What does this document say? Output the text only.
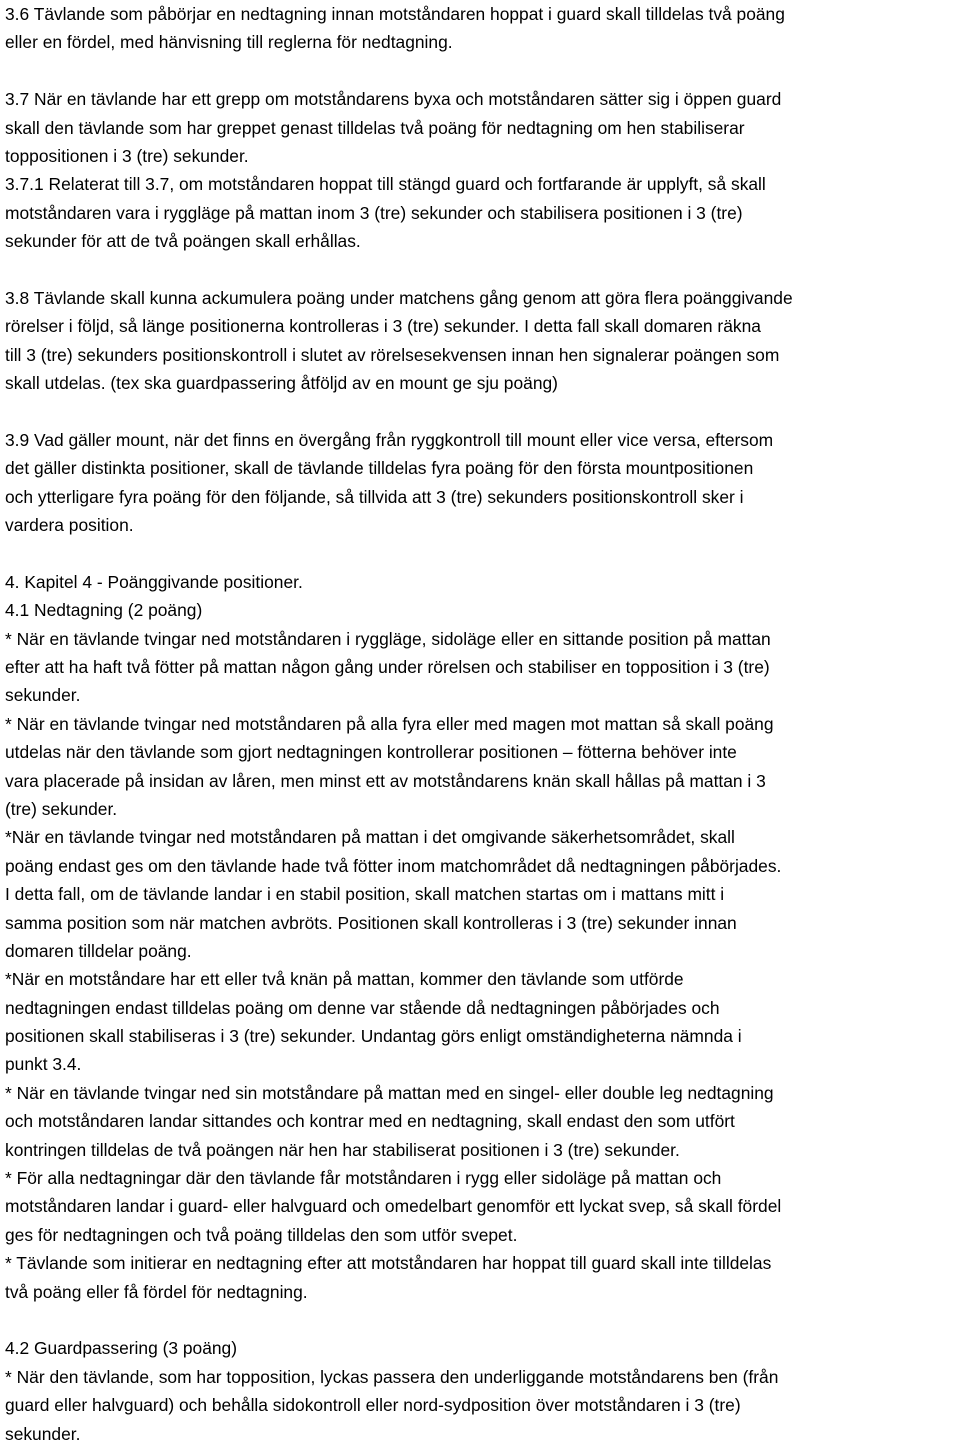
3.6 Tävlande som påbörjar en nedtagning innan motståndaren hoppat i guard skall tilldelas två poäng
eller en fördel, med hänvisning till reglerna för nedtagning.
3.7 När en tävlande har ett grepp om motståndarens byxa och motståndaren sätter sig i öppen guard
skall den tävlande som har greppet genast tilldelas två poäng för nedtagning om hen stabiliserar
toppositionen i 3 (tre) sekunder.
3.7.1 Relaterat till 3.7, om motståndaren hoppat till stängd guard och fortfarande är upplyft, så skall
motståndaren vara i ryggläge på mattan inom 3 (tre) sekunder och stabilisera positionen i 3 (tre)
sekunder för att de två poängen skall erhållas.
3.8 Tävlande skall kunna ackumulera poäng under matchens gång genom att göra flera poänggivande
rörelser i följd, så länge positionerna kontrolleras i 3 (tre) sekunder. I detta fall skall domaren räkna
till 3 (tre) sekunders positionskontroll i slutet av rörelsesekvensen innan hen signalerar poängen som
skall utdelas. (tex ska guardpassering åtföljd av en mount ge sju poäng)
3.9 Vad gäller mount, när det finns en övergång från ryggkontroll till mount eller vice versa, eftersom
det gäller distinkta positioner, skall de tävlande tilldelas fyra poäng för den första mountpositionen
och ytterligare fyra poäng för den följande, så tillvida att 3 (tre) sekunders positionskontroll sker i
vardera position.
4. Kapitel 4 - Poänggivande positioner.
4.1 Nedtagning (2 poäng)
* När en tävlande tvingar ned motståndaren i ryggläge, sidoläge eller en sittande position på mattan
efter att ha haft två fötter på mattan någon gång under rörelsen och stabiliser en topposition i 3 (tre)
sekunder.
* När en tävlande tvingar ned motståndaren på alla fyra eller med magen mot mattan så skall poäng
utdelas när den tävlande som gjort nedtagningen kontrollerar positionen – fötterna behöver inte
vara placerade på insidan av låren, men minst ett av motståndarens knän skall hållas på mattan i 3
(tre) sekunder.
*När en tävlande tvingar ned motståndaren på mattan i det omgivande säkerhetsområdet, skall
poäng endast ges om den tävlande hade två fötter inom matchområdet då nedtagningen påbörjades.
I detta fall, om de tävlande landar i en stabil position, skall matchen startas om i mattans mitt i
samma position som när matchen avbröts. Positionen skall kontrolleras i 3 (tre) sekunder innan
domaren tilldelar poäng.
*När en motståndare har ett eller två knän på mattan, kommer den tävlande som utförde
nedtagningen endast tilldelas poäng om denne var stående då nedtagningen påbörjades och
positionen skall stabiliseras i 3 (tre) sekunder. Undantag görs enligt omständigheterna nämnda i
punkt 3.4.
* När en tävlande tvingar ned sin motståndare på mattan med en singel- eller double leg nedtagning
och motståndaren landar sittandes och kontrar med en nedtagning, skall endast den som utfört
kontringen tilldelas de två poängen när hen har stabiliserat positionen i 3 (tre) sekunder.
* För alla nedtagningar där den tävlande får motståndaren i rygg eller sidoläge på mattan och
motståndaren landar i guard- eller halvguard och omedelbart genomför ett lyckat svep, så skall fördel
ges för nedtagningen och två poäng tilldelas den som utför svepet.
* Tävlande som initierar en nedtagning efter att motståndaren har hoppat till guard skall inte tilldelas
två poäng eller få fördel för nedtagning.
4.2 Guardpassering (3 poäng)
* När den tävlande, som har topposition, lyckas passera den underliggande motståndarens ben (från
guard eller halvguard) och behålla sidokontroll eller nord-sydposition över motståndaren i 3 (tre)
sekunder.
